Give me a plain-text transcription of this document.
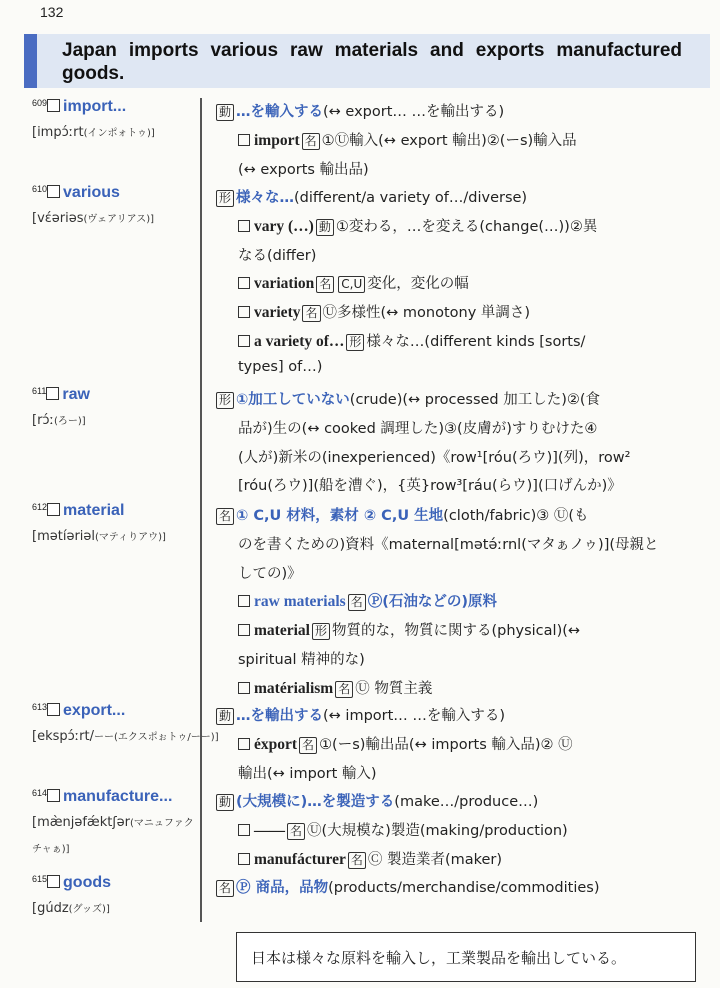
132
Japan imports various raw materials and exports manufactured goods.
$^{609}$ import...
[impɔ́ːrt(インポォトゥ)]
動 …を輸入する(↔ export… …を輸出する)
import 名 ①Ⓤ輸入(↔ export 輸出)②(ーs)輸入品
(↔ exports 輸出品)
$^{610}$ various
[vɛ́əriəs(ヴェアリアス)]
形 様々な…(different/a variety of…/diverse)
vary (…) 動 ①変わる，…を変える(change(…))②異
なる(differ)
variation 名 C,U 変化，変化の幅
variety 名 Ⓤ多様性(↔ monotony 単調さ)
a variety of… 形 様々な…(different kinds [sorts/
types] of…)
$^{611}$ raw
[rɔ́ː(ろー)]
形 ①加工していない(crude)(↔ processed 加工した)②(食
品が)生の(↔ cooked 調理した)③(皮膚が)すりむけた④
(人が)新米の(inexperienced)《row¹[róu(ろウ)](列)，row²
[róu(ろウ)](船を漕ぐ)，{英}row³[ráu(らウ)](口げんか)》
$^{612}$ material
[mətíəriəl(マティりアウ)]
名 ① C,U 材料，素材 ② C,U 生地(cloth/fabric)③ Ⓤ(も
のを書くための)資料《maternal[mətə́ːrnl(マタぁノゥ)](母親と
しての)》
raw materials 名 Ⓟ(石油などの)原料
material 形 物質的な，物質に関する(physical)(↔
spiritual 精神的な)
matérialism 名 Ⓤ 物質主義
$^{613}$ export...
[ekspɔ́ːrt/ーー(エクスポぉトゥ/ーー)]
動 …を輸出する(↔ import… …を輸入する)
éxport 名 ①(ーs)輸出品(↔ imports 輸入品)② Ⓤ
輸出(↔ import 輸入)
$^{614}$ manufacture...
[mæ̀njəfǽktʃər(マニュファク
チャぁ)]
動 (大規模に)…を製造する(make…/produce…)
—— 名 Ⓤ(大規模な)製造(making/production)
manufácturer 名 Ⓒ 製造業者(maker)
$^{615}$ goods
[gúdz(グッズ)]
名 Ⓟ 商品，品物(products/merchandise/commodities)
日本は様々な原料を輸入し，工業製品を輸出している。
